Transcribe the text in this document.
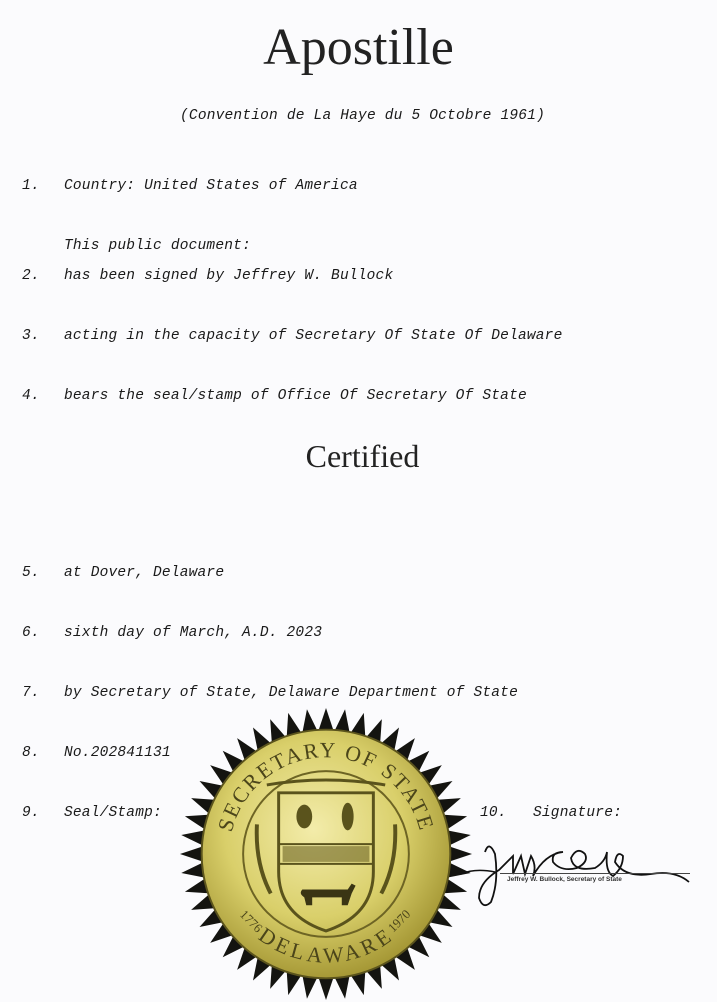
Apostille
(Convention de La Haye du 5 Octobre 1961)
1. Country: United States of America
This public document:
2. has been signed by Jeffrey W. Bullock
3. acting in the capacity of Secretary Of State Of Delaware
4. bears the seal/stamp of Office Of Secretary Of State
Certified
5. at Dover, Delaware
6. sixth day of March, A.D. 2023
7. by Secretary of State, Delaware Department of State
8. No.202841131
9. Seal/Stamp:	10. Signature:
SECRETARY OF STATE
DELAWARE
1776	1970
Jeffrey W. Bullock, Secretary of State
